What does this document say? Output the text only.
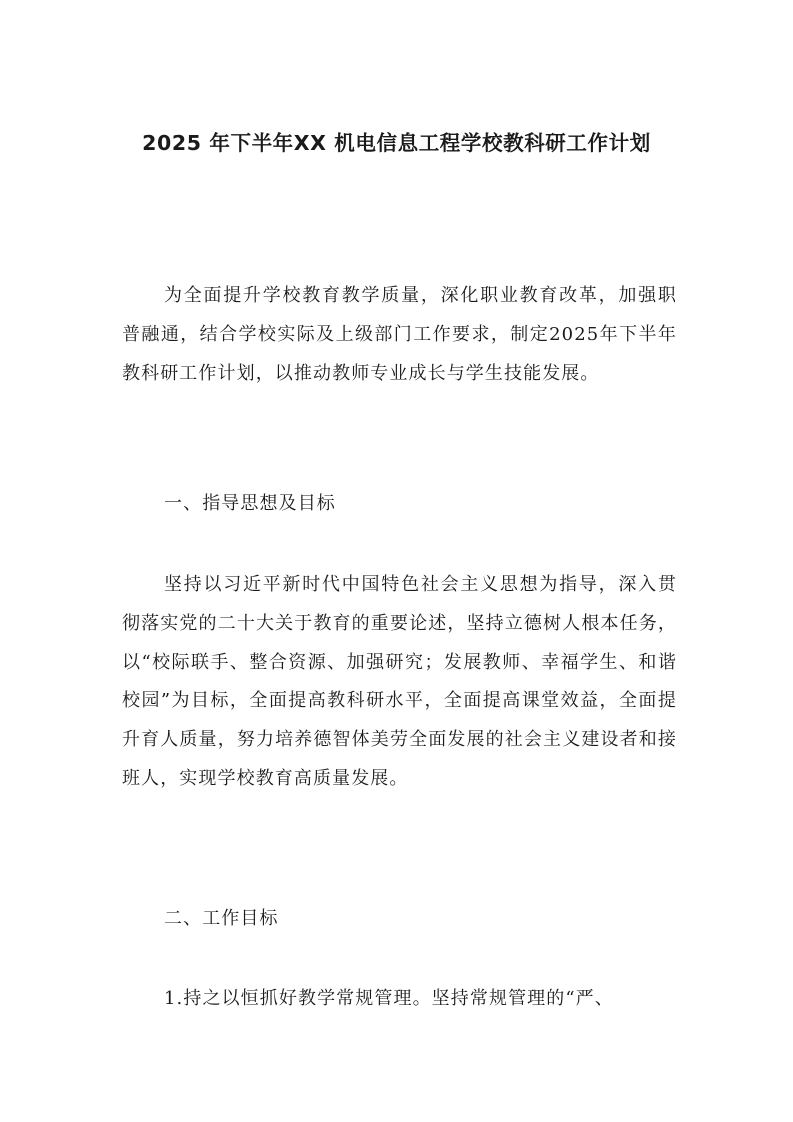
2025 年下半年XX 机电信息工程学校教科研工作计划

为全面提升学校教育教学质量，深化职业教育改革，加强职普融通，结合学校实际及上级部门工作要求，制定2025年下半年教科研工作计划，以推动教师专业成长与学生技能发展。

一、指导思想及目标

坚持以习近平新时代中国特色社会主义思想为指导，深入贯彻落实党的二十大关于教育的重要论述，坚持立德树人根本任务，以“校际联手、整合资源、加强研究；发展教师、幸福学生、和谐校园”为目标，全面提高教科研水平，全面提高课堂效益，全面提升育人质量，努力培养德智体美劳全面发展的社会主义建设者和接班人，实现学校教育高质量发展。

二、工作目标

1.持之以恒抓好教学常规管理。坚持常规管理的“严、
